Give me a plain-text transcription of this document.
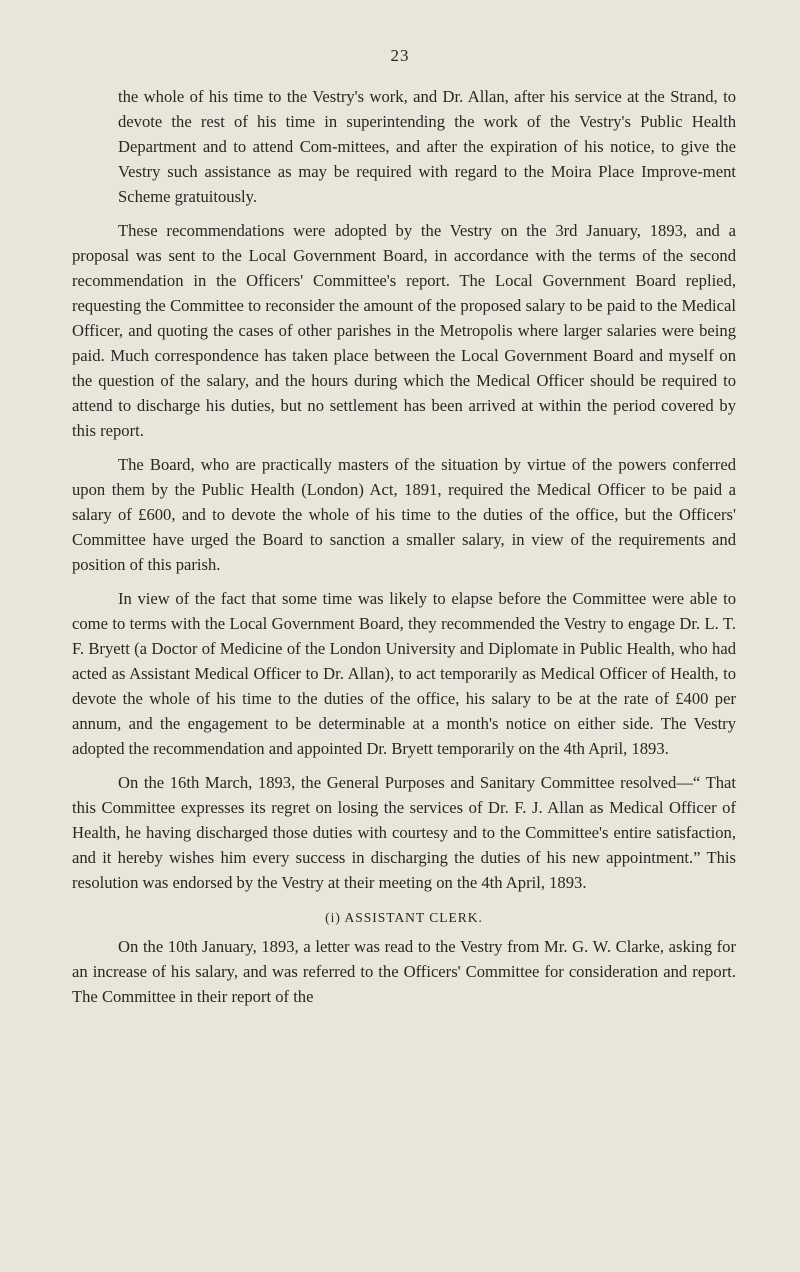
23

the whole of his time to the Vestry's work, and Dr. Allan, after his service at the Strand, to devote the rest of his time in superintending the work of the Vestry's Public Health Department and to attend Com-mittees, and after the expiration of his notice, to give the Vestry such assistance as may be required with regard to the Moira Place Improve-ment Scheme gratuitously.

These recommendations were adopted by the Vestry on the 3rd January, 1893, and a proposal was sent to the Local Government Board, in accordance with the terms of the second recommendation in the Officers' Committee's report. The Local Government Board replied, requesting the Committee to reconsider the amount of the proposed salary to be paid to the Medical Officer, and quoting the cases of other parishes in the Metropolis where larger salaries were being paid. Much correspondence has taken place between the Local Government Board and myself on the question of the salary, and the hours during which the Medical Officer should be required to attend to discharge his duties, but no settlement has been arrived at within the period covered by this report.

The Board, who are practically masters of the situation by virtue of the powers conferred upon them by the Public Health (London) Act, 1891, required the Medical Officer to be paid a salary of £600, and to devote the whole of his time to the duties of the office, but the Officers' Committee have urged the Board to sanction a smaller salary, in view of the requirements and position of this parish.

In view of the fact that some time was likely to elapse before the Committee were able to come to terms with the Local Government Board, they recommended the Vestry to engage Dr. L. T. F. Bryett (a Doctor of Medicine of the London University and Diplomate in Public Health, who had acted as Assistant Medical Officer to Dr. Allan), to act temporarily as Medical Officer of Health, to devote the whole of his time to the duties of the office, his salary to be at the rate of £400 per annum, and the engagement to be determinable at a month's notice on either side. The Vestry adopted the recommendation and appointed Dr. Bryett temporarily on the 4th April, 1893.

On the 16th March, 1893, the General Purposes and Sanitary Committee resolved—“ That this Committee expresses its regret on losing the services of Dr. F. J. Allan as Medical Officer of Health, he having discharged those duties with courtesy and to the Committee's entire satisfaction, and it hereby wishes him every success in discharging the duties of his new appointment.” This resolution was endorsed by the Vestry at their meeting on the 4th April, 1893.

(i) ASSISTANT CLERK.

On the 10th January, 1893, a letter was read to the Vestry from Mr. G. W. Clarke, asking for an increase of his salary, and was referred to the Officers' Committee for consideration and report. The Committee in their report of the
